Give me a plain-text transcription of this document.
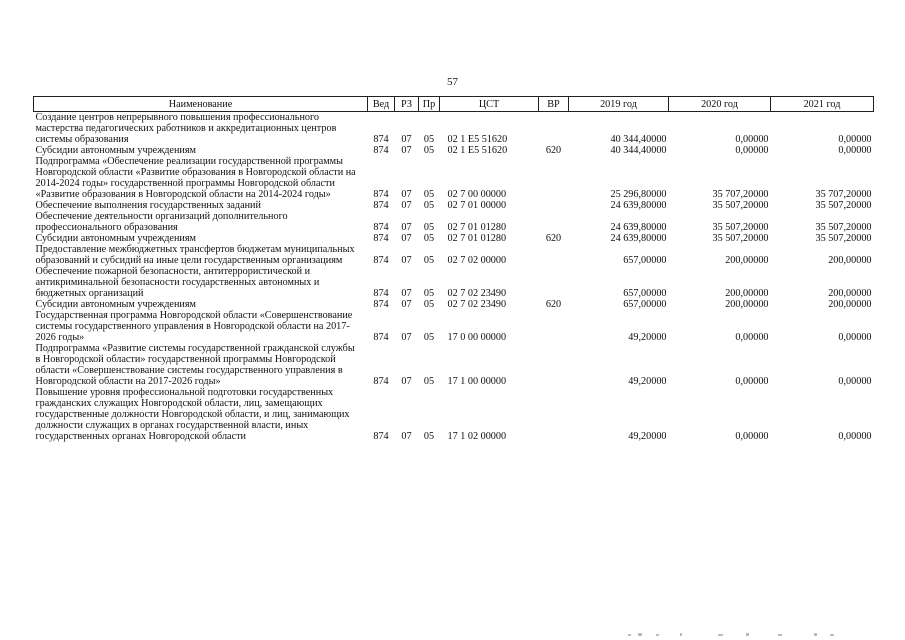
57
Наименование	Вед	РЗ	Пр	ЦСТ	ВР	2019 год	2020 год	2021 год
Создание центров непрерывного повышения профессионального мастерства педагогических работников и аккредитационных центров системы образования	874	07	05	02 1 E5 51620		40 344,40000	0,00000	0,00000
Субсидии автономным учреждениям	874	07	05	02 1 E5 51620	620	40 344,40000	0,00000	0,00000
Подпрограмма «Обеспечение реализации государственной программы Новгородской области «Развитие образования в Новгородской области на 2014-2024 годы» государственной программы Новгородской области «Развитие образования в Новгородской области на 2014-2024 годы»	874	07	05	02 7 00 00000		25 296,80000	35 707,20000	35 707,20000
Обеспечение выполнения государственных заданий	874	07	05	02 7 01 00000		24 639,80000	35 507,20000	35 507,20000
Обеспечение деятельности организаций дополнительного профессионального образования	874	07	05	02 7 01 01280		24 639,80000	35 507,20000	35 507,20000
Субсидии автономным учреждениям	874	07	05	02 7 01 01280	620	24 639,80000	35 507,20000	35 507,20000
Предоставление межбюджетных трансфертов бюджетам муниципальных образований и субсидий на иные цели государственным организациям	874	07	05	02 7 02 00000		657,00000	200,00000	200,00000
Обеспечение пожарной безопасности, антитеррористической и антикриминальной безопасности государственных автономных и бюджетных организаций	874	07	05	02 7 02 23490		657,00000	200,00000	200,00000
Субсидии автономным учреждениям	874	07	05	02 7 02 23490	620	657,00000	200,00000	200,00000
Государственная программа Новгородской области «Совершенствование системы государственного управления в Новгородской области на 2017-2026 годы»	874	07	05	17 0 00 00000		49,20000	0,00000	0,00000
Подпрограмма «Развитие системы государственной гражданской службы в Новгородской области» государственной программы Новгородской области «Совершенствование системы государственного управления в Новгородской области на 2017-2026 годы»	874	07	05	17 1 00 00000		49,20000	0,00000	0,00000
Повышение уровня профессиональной подготовки государственных гражданских служащих Новгородской области, лиц, замещающих государственные должности Новгородской области, и лиц, занимающих должности служащих в органах государственной власти, иных государственных органах Новгородской области	874	07	05	17 1 02 00000		49,20000	0,00000	0,00000
